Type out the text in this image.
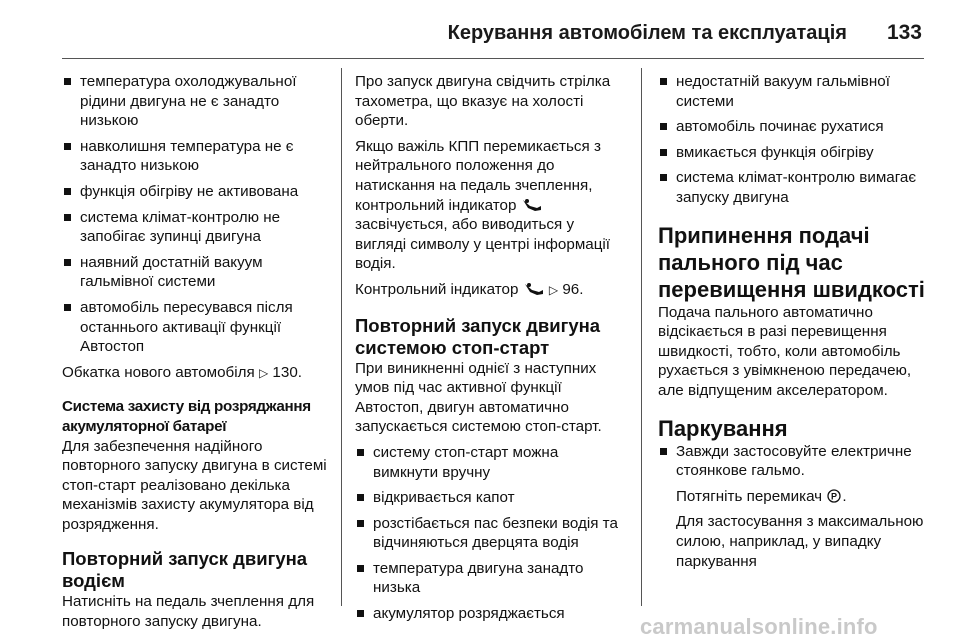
Керування автомобілем та експлуатація 133
температура охолоджувальної рідини двигуна не є занадто низькою
навколишня температура не є занадто низькою
функція обігріву не активована
система клімат-контролю не запобігає зупинці двигуна
наявний достатній вакуум гальмівної системи
автомобіль пересувався після останнього активації функції Автостоп

Обкатка нового автомобіля ▷ 130.

Система захисту від розряджання акумуляторної батареї

Для забезпечення надійного повторного запуску двигуна в системі стоп-старт реалізовано декілька механізмів захисту акумулятора від розрядження.

Повторний запуск двигуна водієм

Натисніть на педаль зчеплення для повторного запуску двигуна.

Про запуск двигуна свідчить стрілка тахометра, що вказує на холості оберти.

Якщо важіль КПП перемикається з нейтрального положення до натискання на педаль зчеплення, контрольний індикатор  засвічується, або виводиться у вигляді символу у центрі інформації водія.

Контрольний індикатор	▷ 96.

Повторний запуск двигуна системою стоп-старт

При виникненні однієї з наступних умов під час активної функції Автостоп, двигун автоматично запускається системою стоп-старт.

систему стоп-старт можна вимкнути вручну
відкривається капот
розстібається пас безпеки водія та відчиняються дверцята водія
температура двигуна занадто низька
акумулятор розряджається
недостатній вакуум гальмівної системи
автомобіль починає рухатися
вмикається функція обігріву
система клімат-контролю вимагає запуску двигуна
Припинення подачі пального під час перевищення швидкості

Подача пального автоматично відсікається в разі перевищення швидкості, тобто, коли автомобіль рухається з увімкненою передачею, але відпущеним акселератором.

Паркування
Завжди застосовуйте електричне стоянкове гальмо.

Потягніть перемикач P .

Для застосування з максимальною силою, наприклад, у випадку паркування

carmanualsonline.info
